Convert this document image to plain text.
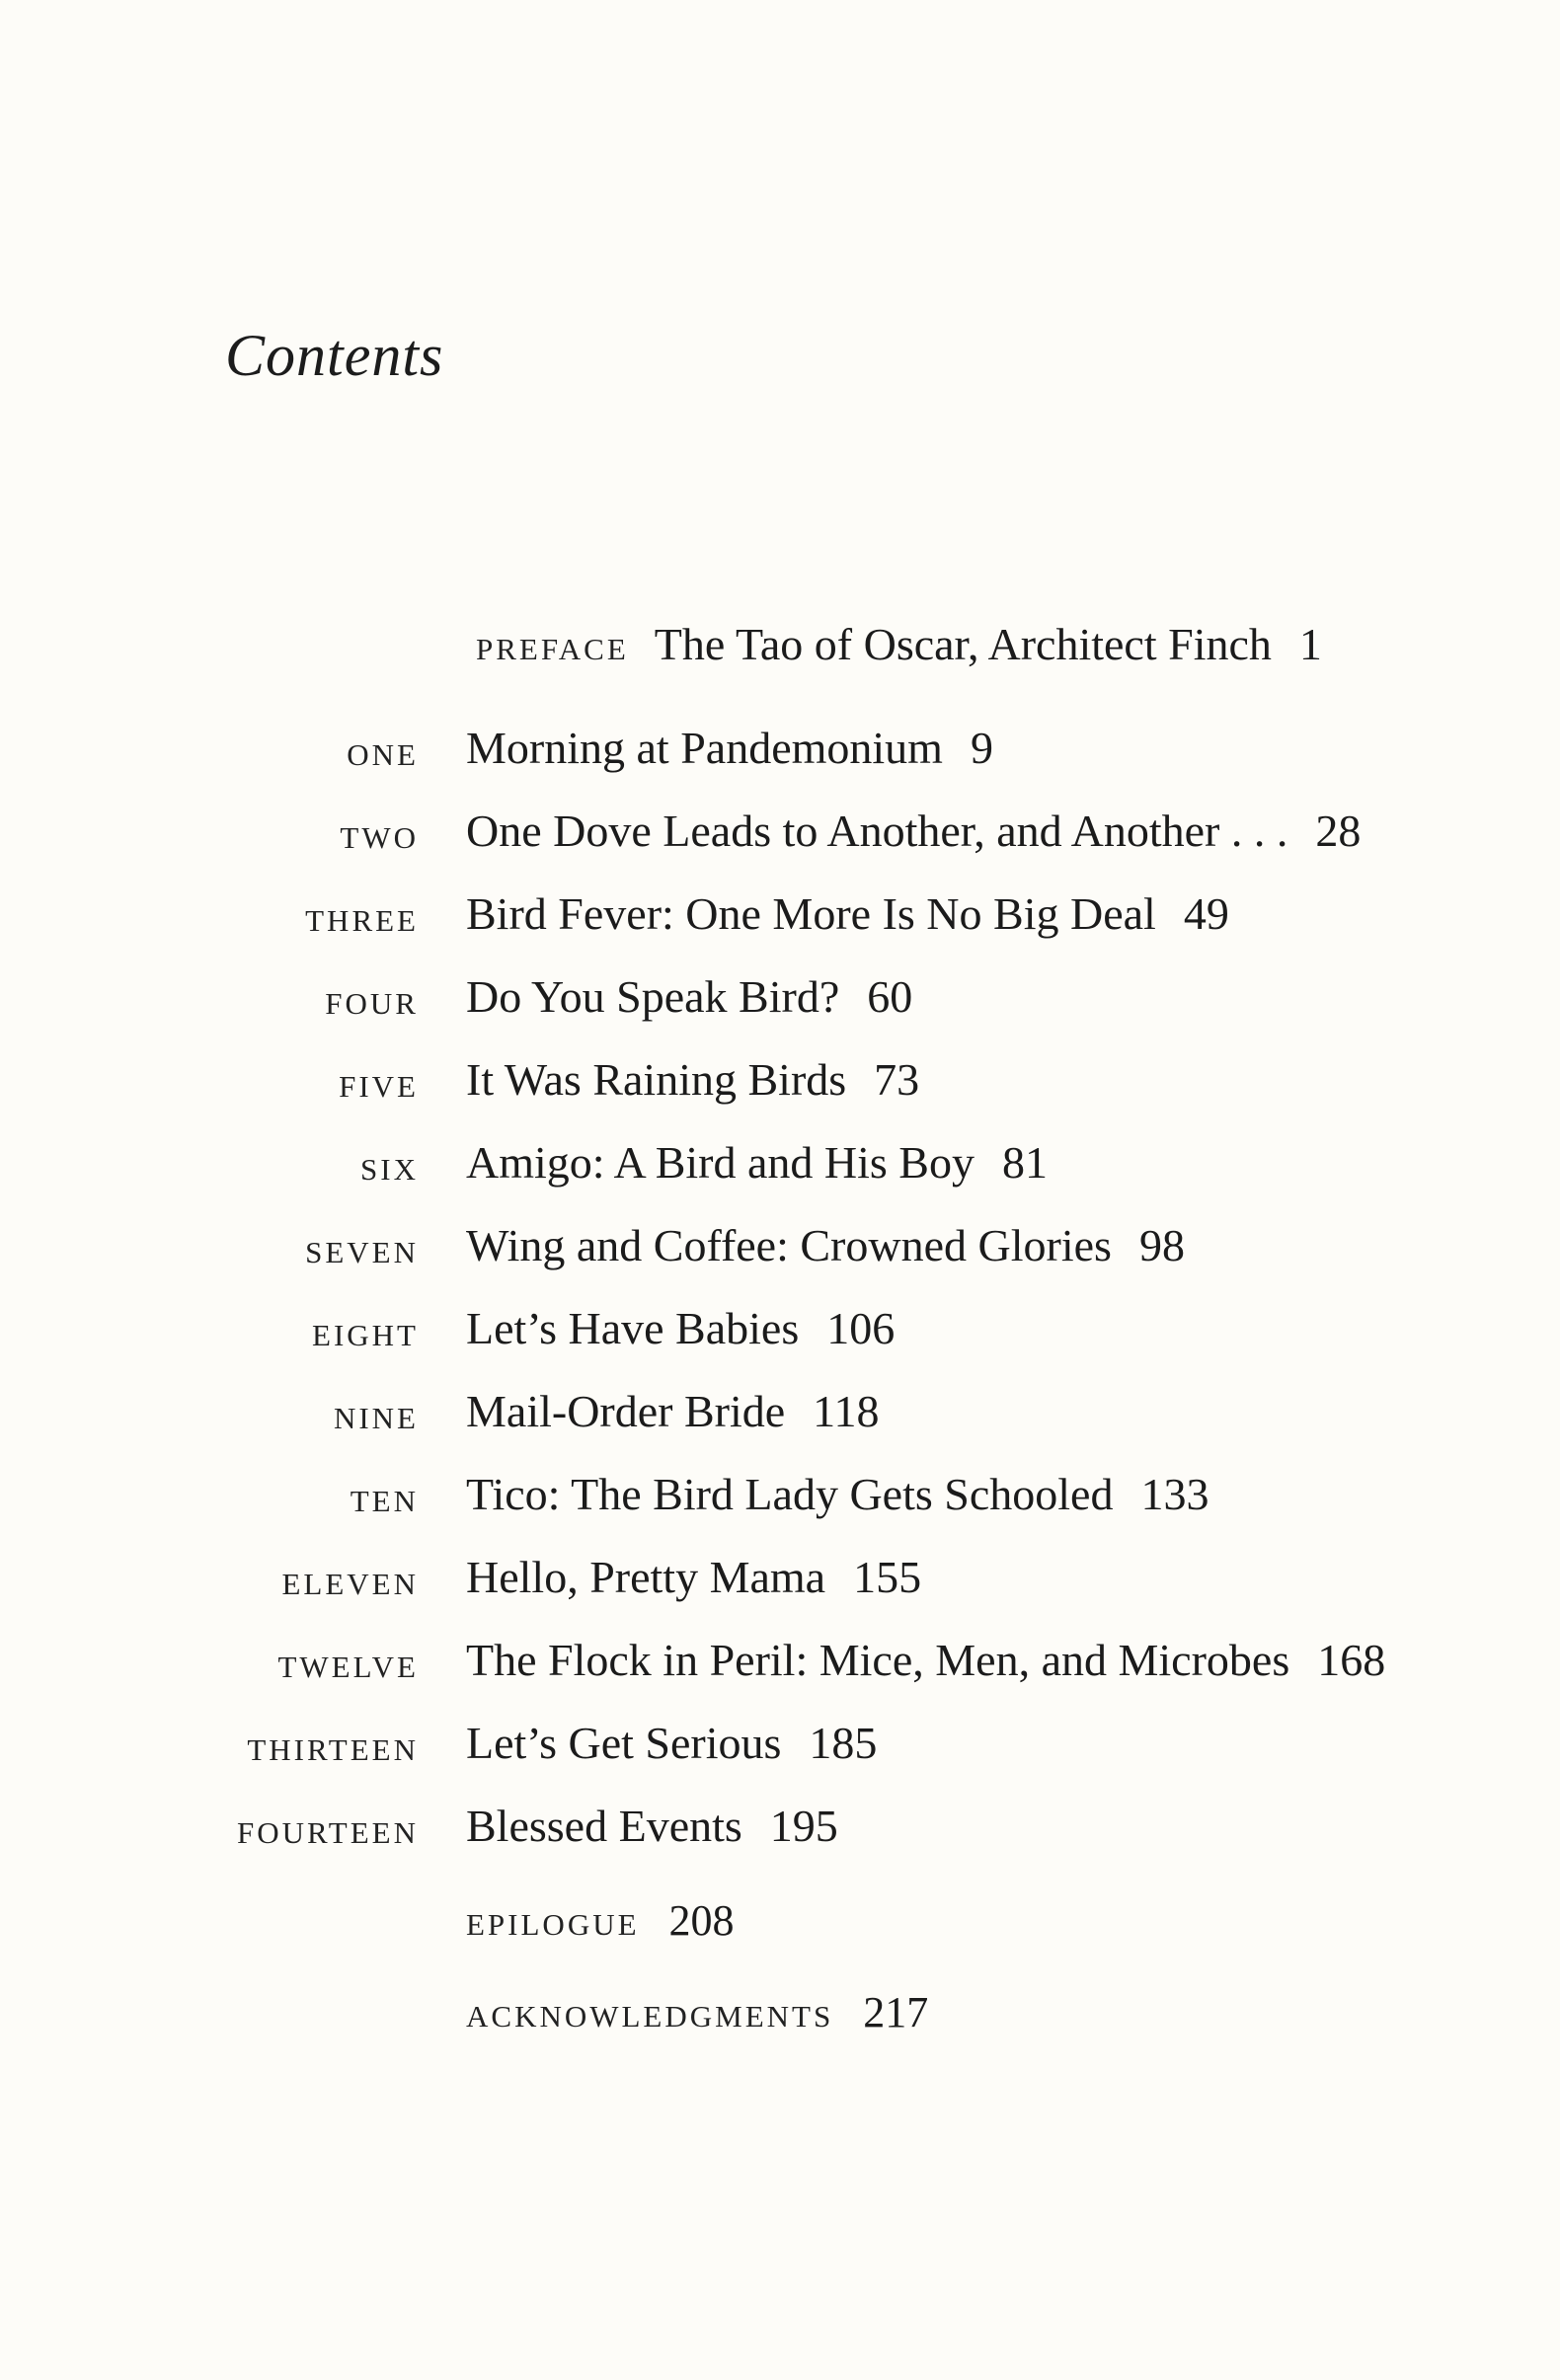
Contents
PREFACE The Tao of Oscar, Architect Finch 1
ONE Morning at Pandemonium 9
TWO One Dove Leads to Another, and Another . . . 28
THREE Bird Fever: One More Is No Big Deal 49
FOUR Do You Speak Bird? 60
FIVE It Was Raining Birds 73
SIX Amigo: A Bird and His Boy 81
SEVEN Wing and Coffee: Crowned Glories 98
EIGHT Let’s Have Babies 106
NINE Mail-Order Bride 118
TEN Tico: The Bird Lady Gets Schooled 133
ELEVEN Hello, Pretty Mama 155
TWELVE The Flock in Peril: Mice, Men, and Microbes 168
THIRTEEN Let’s Get Serious 185
FOURTEEN Blessed Events 195
EPILOGUE 208
ACKNOWLEDGMENTS 217
